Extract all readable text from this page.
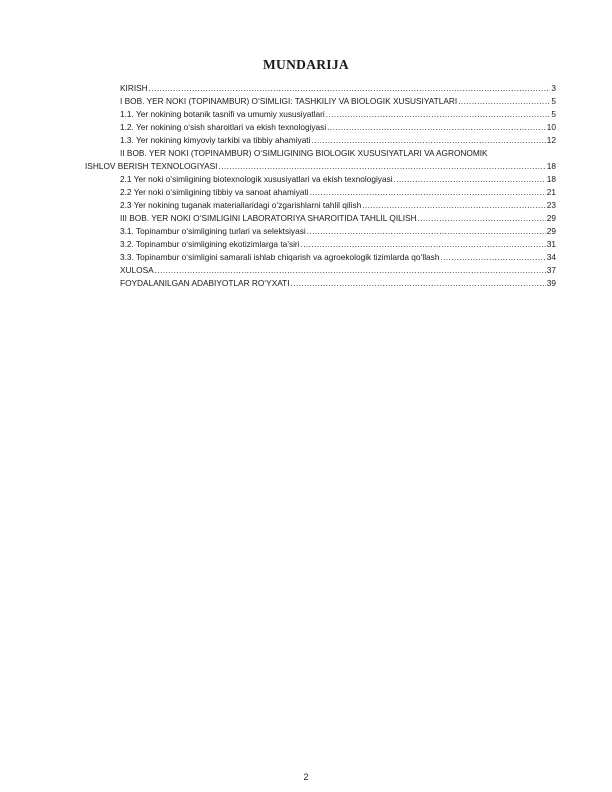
MUNDARIJA
KIRISH .....	3
I BOB. YER NOKI (TOPINAMBUR) O‘SIMLIGI: TASHKILIY VA BIOLOGIK XUSUSIYATLARI .....	5
1.1. Yer nokining botanik tasnifi va umumiy xususiyatlari .....	5
1.2. Yer nokining o‘sish sharoitlari va ekish texnologiyasi .....	10
1.3. Yer nokining kimyoviy tarkibi va tibbiy ahamiyati .....	12
II BOB. YER NOKI (TOPINAMBUR) O‘SIMLIGINING BIOLOGIK XUSUSIYATLARI VA AGRONOMIK
ISHLOV BERISH TEXNOLOGIYASI .....	18
2.1 Yer noki o‘simligining biotexnologik xususiyatlari va ekish texnologiyasi .....	18
2.2 Yer noki o‘simligining tibbiy va sanoat ahamiyati .....	21
2.3 Yer nokining tuganak materiallaridagi o‘zgarishlarni tahlil qilish .....	23
III BOB. YER NOKI O‘SIMLIGINI LABORATORIYA SHAROITIDA TAHLIL QILISH .....	29
3.1. Topinambur o‘simligining turlari va selektsiyasi .....	29
3.2. Topinambur o‘simligining ekotizimlarga ta’siri .....	31
3.3. Topinambur o‘simligini samarali ishlab chiqarish va agroekologik tizimlarda qo‘llash .....	34
XULOSA .....	37
FOYDALANILGAN ADABIYOTLAR RO‘YXATI .....	39
2
